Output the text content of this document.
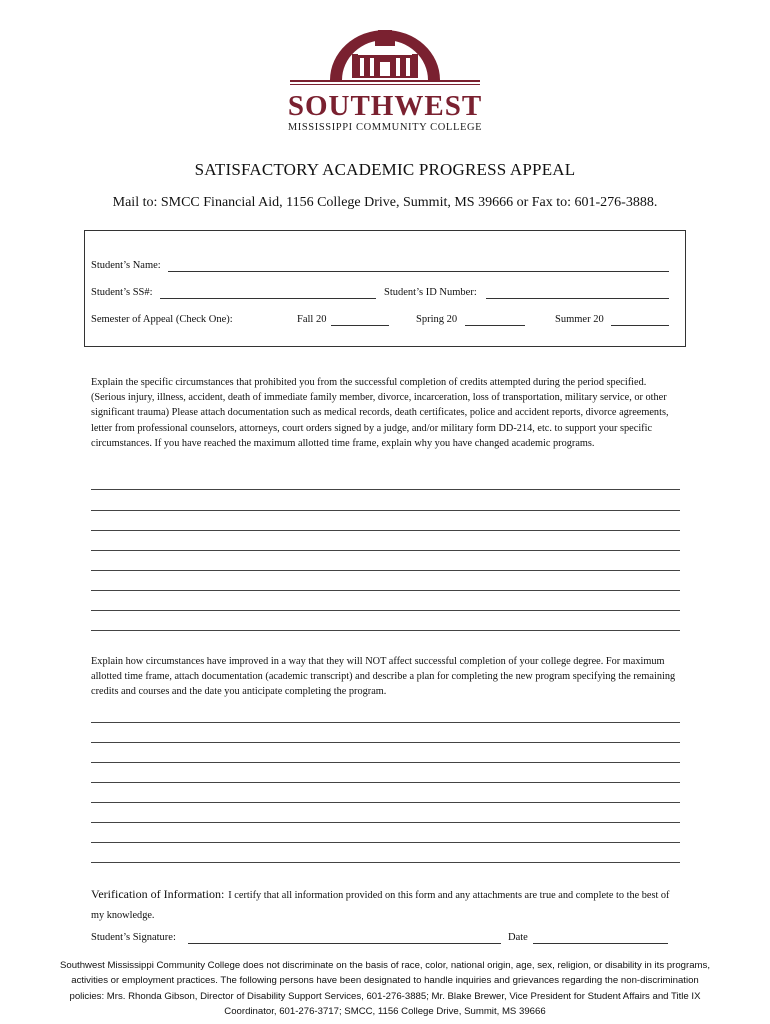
SOUTHWEST
MISSISSIPPI COMMUNITY COLLEGE
SATISFACTORY ACADEMIC PROGRESS APPEAL
Mail to: SMCC Financial Aid, 1156 College Drive, Summit, MS 39666 or Fax to: 601-276-3888.
Student’s Name:
Student’s SS#:	Student’s ID Number:
Semester of Appeal (Check One):	Fall 20	Spring 20	Summer 20
Explain the specific circumstances that prohibited you from the successful completion of credits attempted during the period specified. (Serious injury, illness, accident, death of immediate family member, divorce, incarceration, loss of transportation, military service, or other significant trauma) Please attach documentation such as medical records, death certificates, police and accident reports, divorce agreements, letter from professional counselors, attorneys, court orders signed by a judge, and/or military form DD-214, etc. to support your specific circumstances. If you have reached the maximum allotted time frame, explain why you have changed academic programs.
Explain how circumstances have improved in a way that they will NOT affect successful completion of your college degree. For maximum allotted time frame, attach documentation (academic transcript) and describe a plan for completing the new program specifying the remaining credits and courses and the date you anticipate completing the program.
Verification of Information: I certify that all information provided on this form and any attachments are true and complete to the best of my knowledge.
Student’s Signature:	Date
Southwest Mississippi Community College does not discriminate on the basis of race, color, national origin, age, sex, religion, or disability in its programs,
activities or employment practices. The following persons have been designated to handle inquiries and grievances regarding the non-discrimination
policies: Mrs. Rhonda Gibson, Director of Disability Support Services, 601-276-3885; Mr. Blake Brewer, Vice President for Student Affairs and Title IX
Coordinator, 601-276-3717; SMCC, 1156 College Drive, Summit, MS 39666
